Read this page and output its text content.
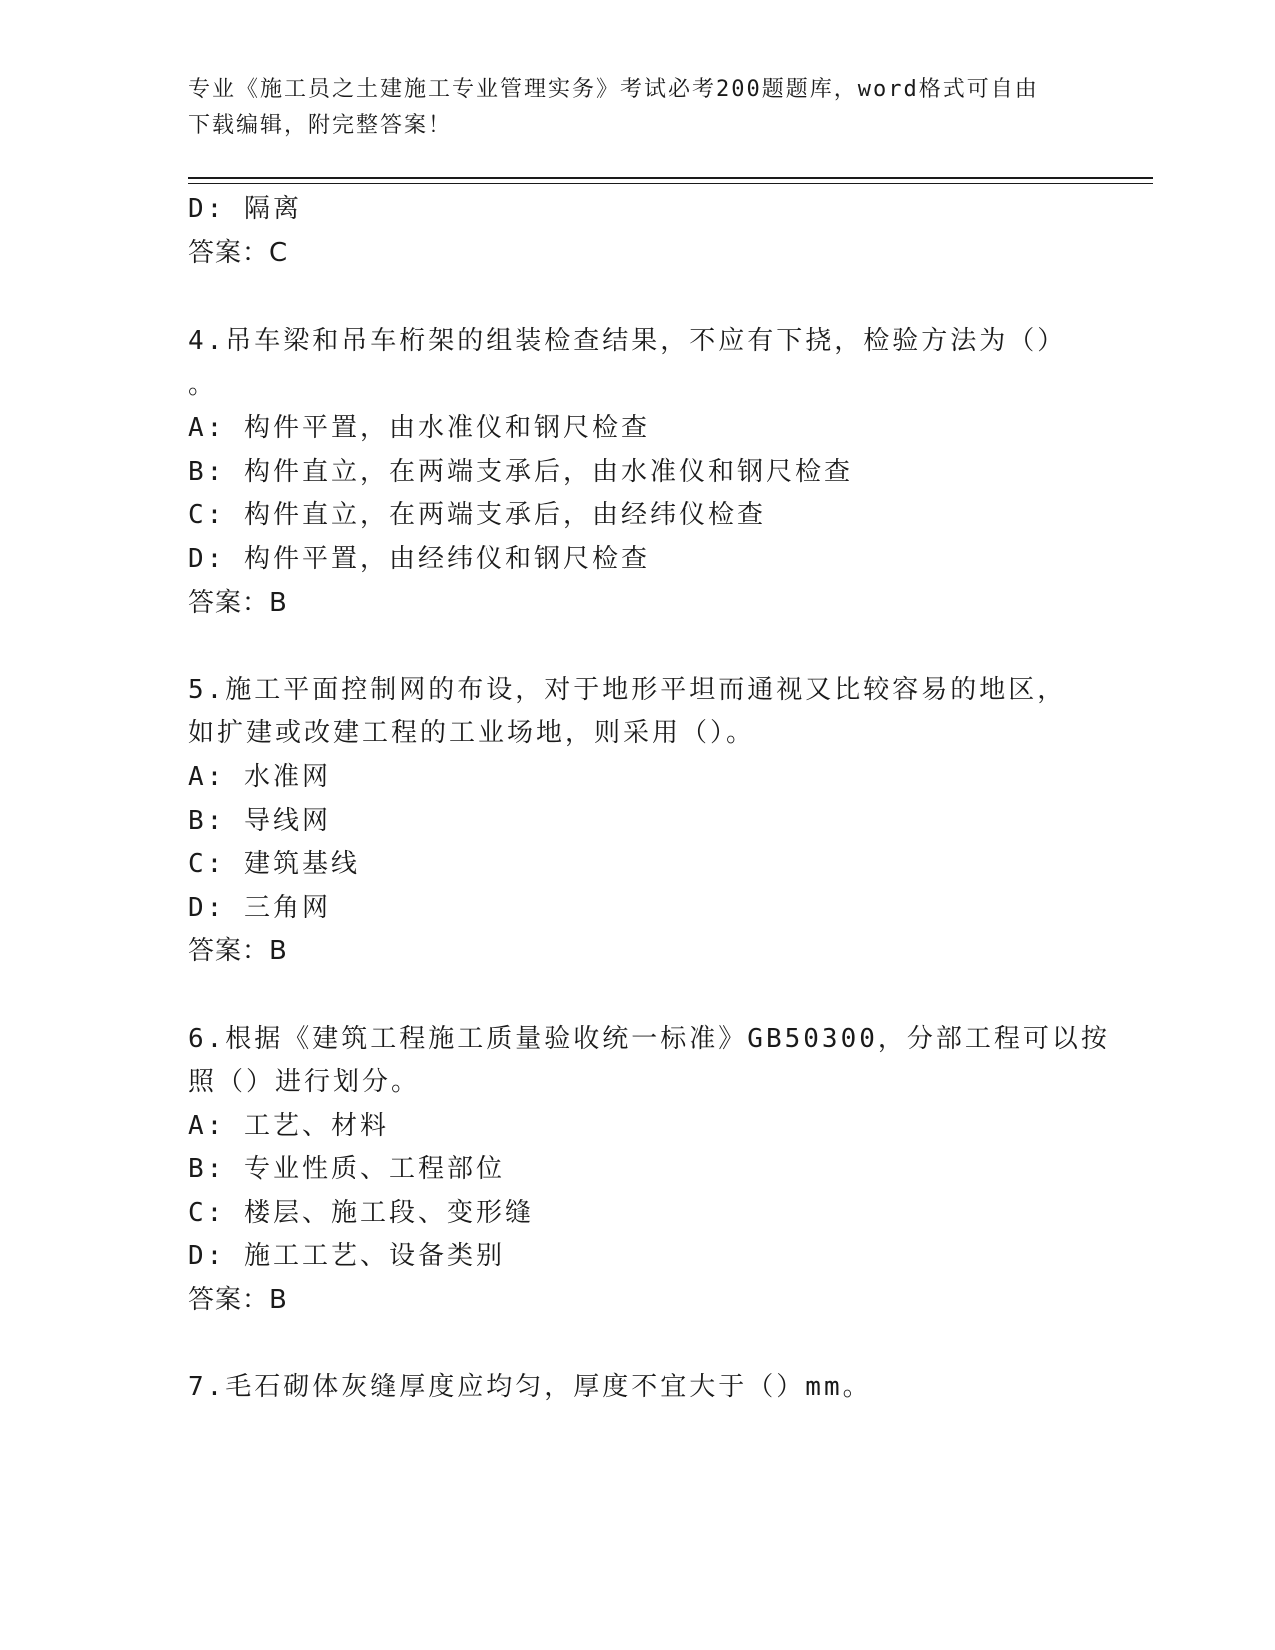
专业《施工员之土建施工专业管理实务》考试必考200题题库，word格式可自由
下载编辑，附完整答案！
D: 隔离
答案：C
4.吊车梁和吊车桁架的组装检查结果，不应有下挠，检验方法为（）
。
A: 构件平置，由水准仪和钢尺检查
B: 构件直立，在两端支承后，由水准仪和钢尺检查
C: 构件直立，在两端支承后，由经纬仪检查
D: 构件平置，由经纬仪和钢尺检查
答案：B
5.施工平面控制网的布设，对于地形平坦而通视又比较容易的地区，
如扩建或改建工程的工业场地，则采用（）。
A: 水准网
B: 导线网
C: 建筑基线
D: 三角网
答案：B
6.根据《建筑工程施工质量验收统一标准》GB50300，分部工程可以按
照（）进行划分。
A: 工艺、材料
B: 专业性质、工程部位
C: 楼层、施工段、变形缝
D: 施工工艺、设备类别
答案：B
7.毛石砌体灰缝厚度应均匀，厚度不宜大于（）mm。
